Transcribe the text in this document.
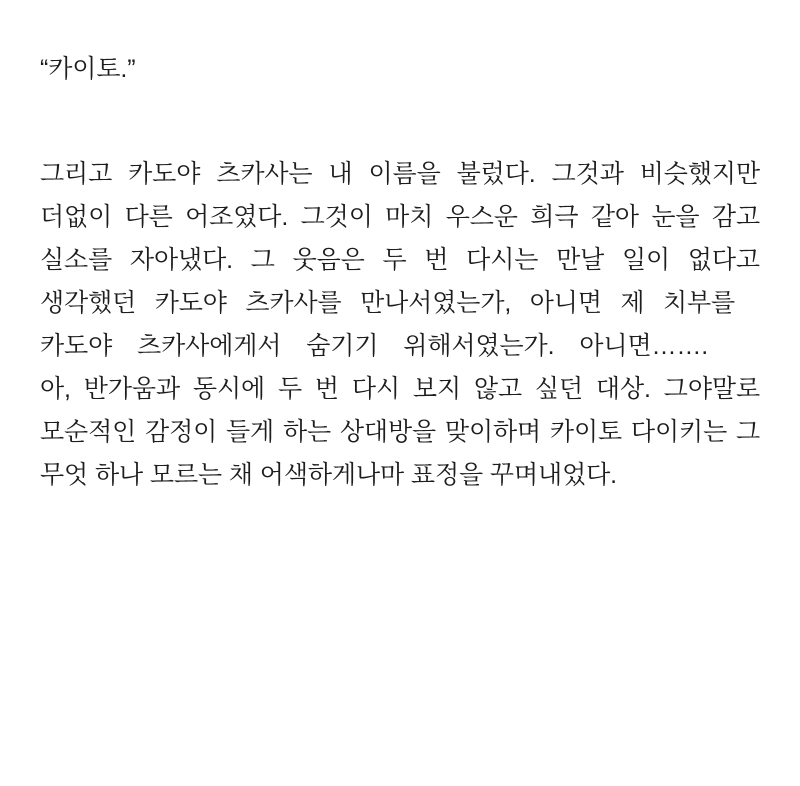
“카이토.”

그리고 카도야 츠카사는 내 이름을 불렀다. 그것과 비슷했지만 더없이 다른 어조였다. 그것이 마치 우스운 희극 같아 눈을 감고 실소를 자아냈다. 그 웃음은 두 번 다시는 만날 일이 없다고 생각했던 카도야 츠카사를 만나서였는가, 아니면 제 치부를 카도야 츠카사에게서 숨기기 위해서였는가. 아니면…….

아, 반가움과 동시에 두 번 다시 보지 않고 싶던 대상. 그야말로 모순적인 감정이 들게 하는 상대방을 맞이하며 카이토 다이키는 그 무엇 하나 모르는 채 어색하게나마 표정을 꾸며내었다.
